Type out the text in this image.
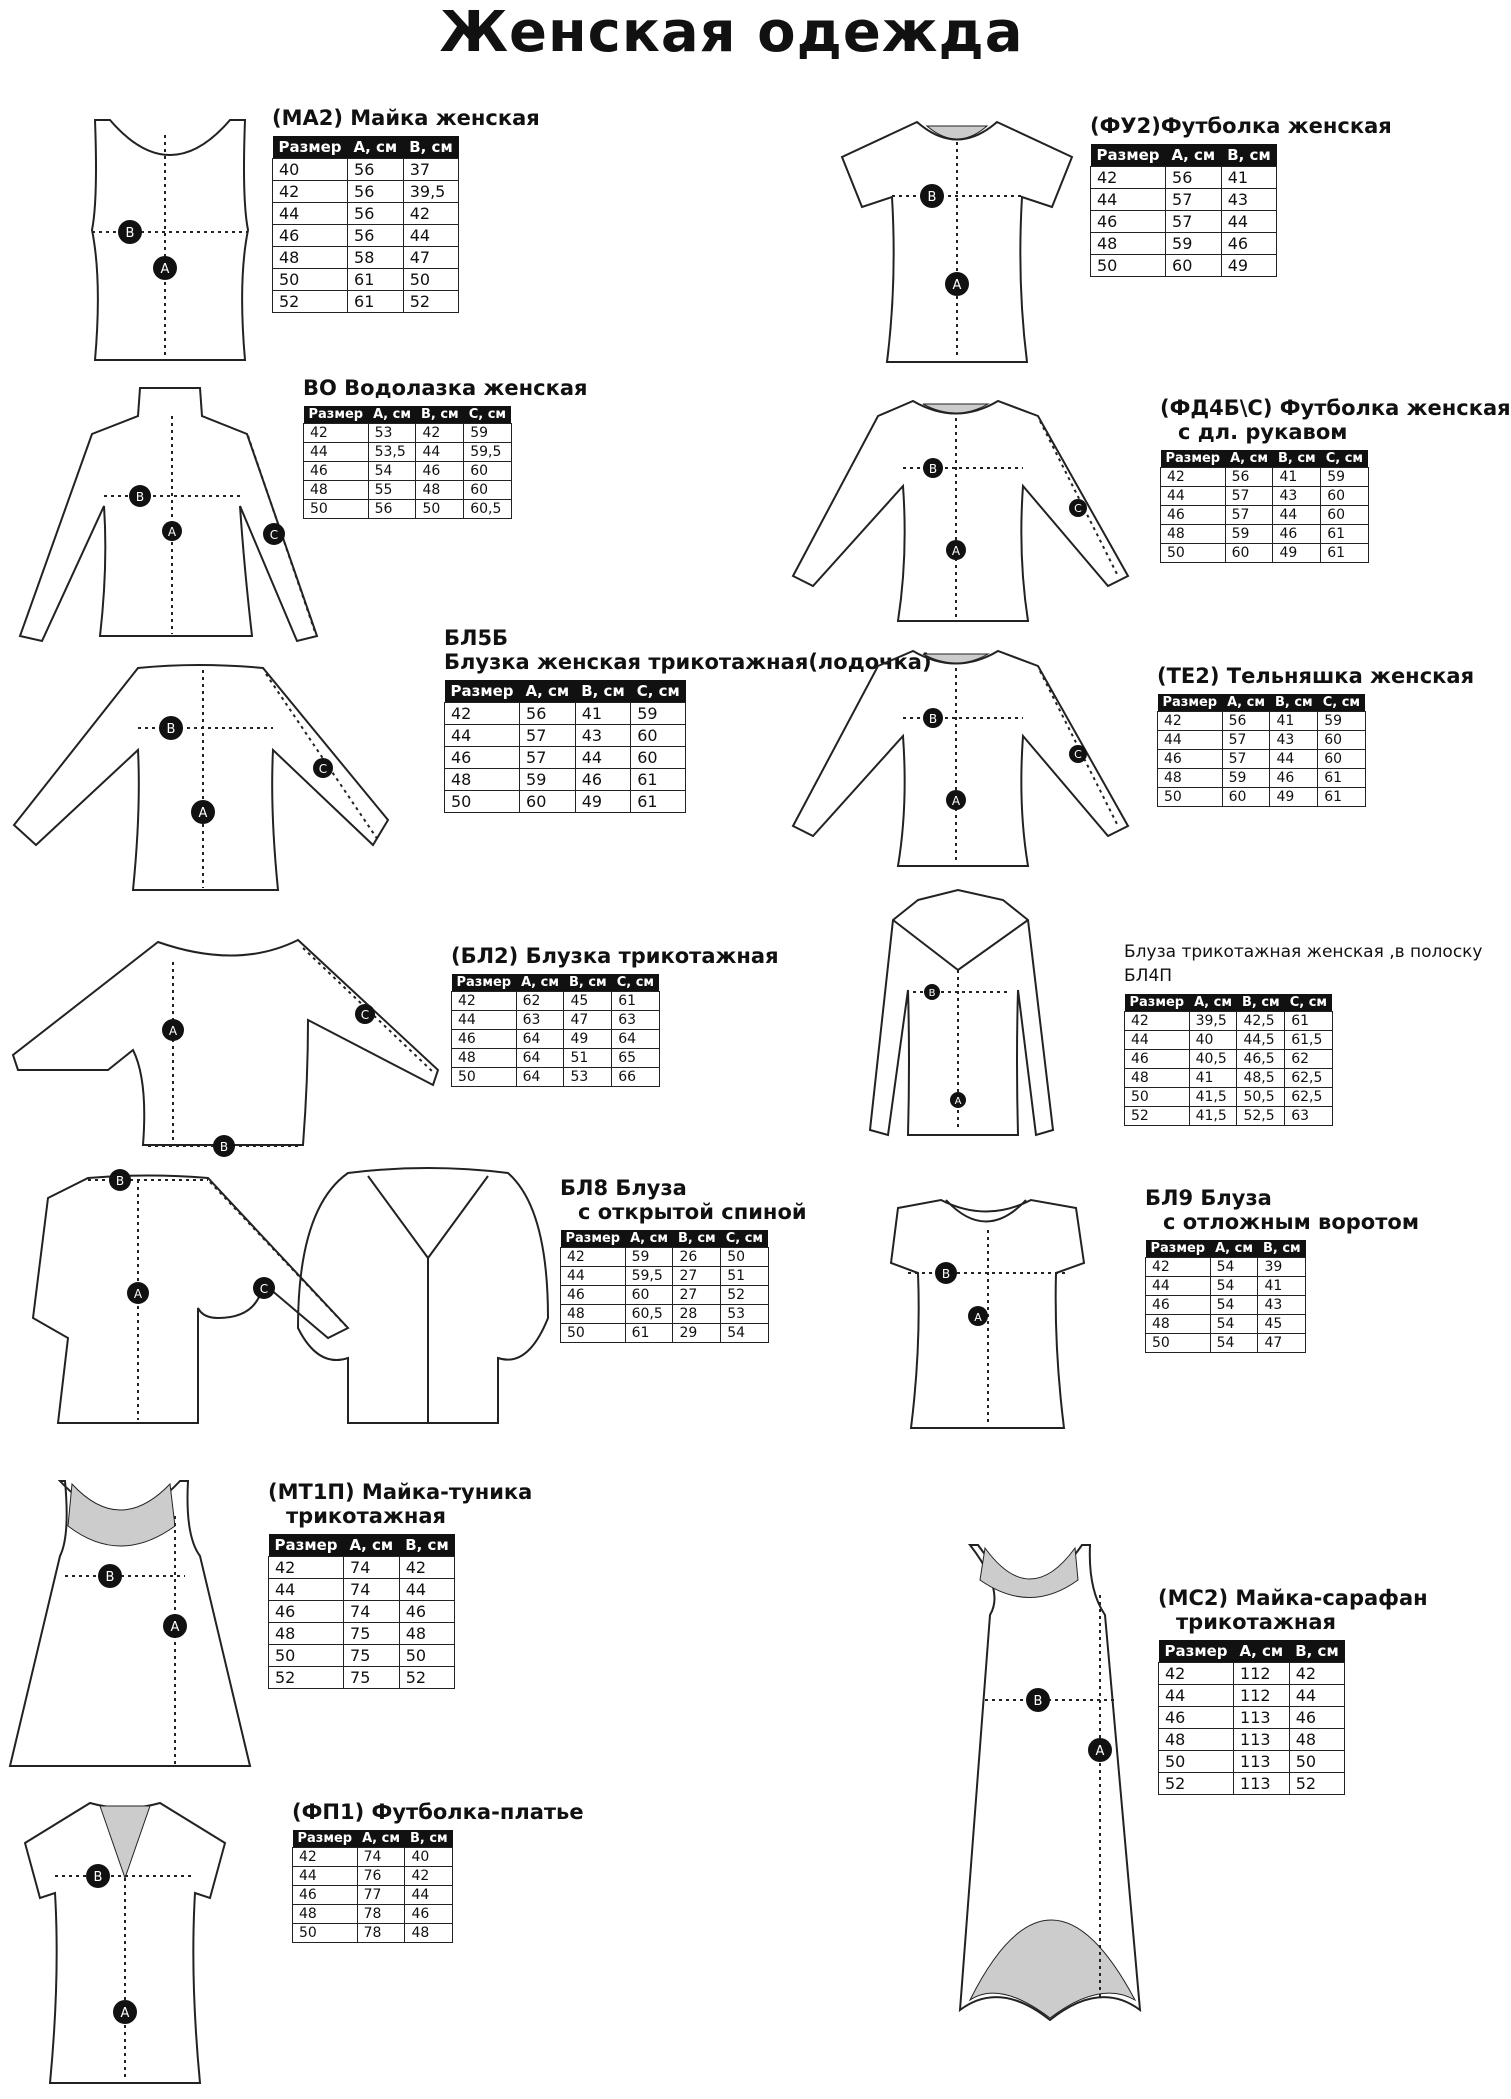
Женская одежда
(МА2) Майка женская
Размер	А, см	В, см
40	56	37
42	56	39,5
44	56	42
46	56	44
48	58	47
50	61	50
52	61	52
(ФУ2)Футболка женская
Размер	А, см	В, см
42	56	41
44	57	43
46	57	44
48	59	46
50	60	49
ВО Водолазка женская
Размер	А, см	В, см	С, см
42	53	42	59
44	53,5	44	59,5
46	54	46	60
48	55	48	60
50	56	50	60,5
(ФД4Б\С) Футболка женская
с дл. рукавом
Размер	А, см	В, см	С, см
42	56	41	59
44	57	43	60
46	57	44	60
48	59	46	61
50	60	49	61
БЛ5Б
Блузка женская трикотажная(лодочка)
Размер	А, см	В, см	С, см
42	56	41	59
44	57	43	60
46	57	44	60
48	59	46	61
50	60	49	61
(ТЕ2) Тельняшка женская
Размер	А, см	В, см	С, см
42	56	41	59
44	57	43	60
46	57	44	60
48	59	46	61
50	60	49	61
(БЛ2) Блузка трикотажная
Размер	А, см	В, см	С, см
42	62	45	61
44	63	47	63
46	64	49	64
48	64	51	65
50	64	53	66
Блуза трикотажная женская ,в полоску
БЛ4П
Размер	А, см	В, см	С, см
42	39,5	42,5	61
44	40	44,5	61,5
46	40,5	46,5	62
48	41	48,5	62,5
50	41,5	50,5	62,5
52	41,5	52,5	63
БЛ8 Блуза
с открытой спиной
Размер	А, см	В, см	С, см
42	59	26	50
44	59,5	27	51
46	60	27	52
48	60,5	28	53
50	61	29	54
БЛ9 Блуза
с отложным воротом
Размер	А, см	В, см
42	54	39
44	54	41
46	54	43
48	54	45
50	54	47
(МТ1П) Майка-туника
трикотажная
Размер	А, см	В, см
42	74	42
44	74	44
46	74	46
48	75	48
50	75	50
52	75	52
(МС2) Майка-сарафан
трикотажная
Размер	А, см	В, см
42	112	42
44	112	44
46	113	46
48	113	48
50	113	50
52	113	52
(ФП1) Футболка-платье
Размер	А, см	В, см
42	74	40
44	76	42
46	77	44
48	78	46
50	78	48
B
A
B
A
B
A	C
B
A
C
B
A
C
B
A
C
A
B
C
B
A
B
A	C
B
A
B
A
B
A
B
A
